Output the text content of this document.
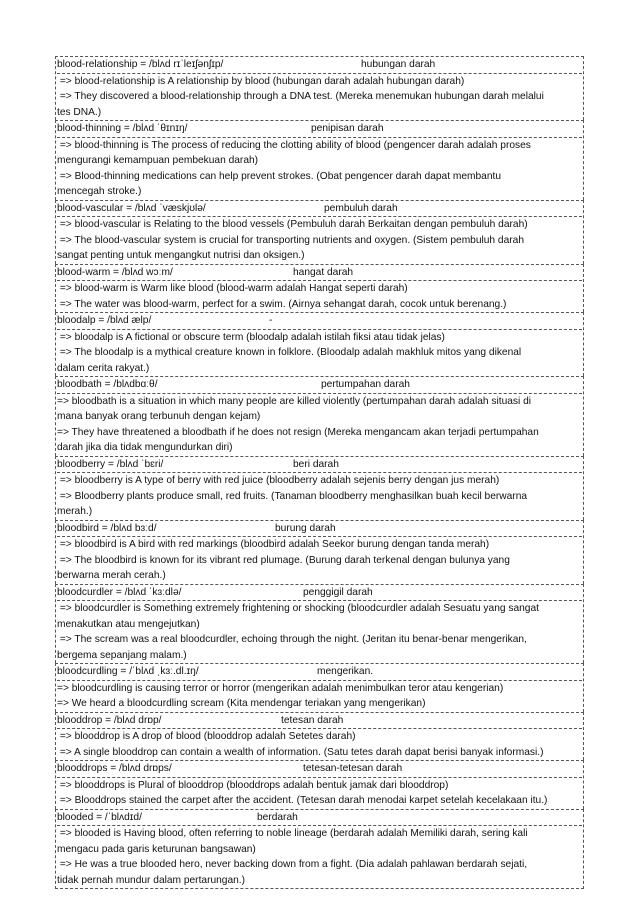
blood-relationship = /blʌd rɪˈleɪʃənʃɪp/	hubungan darah
=> blood-relationship is A relationship by blood (hubungan darah adalah hubungan darah)
=> They discovered a blood-relationship through a DNA test. (Mereka menemukan hubungan darah melalui
tes DNA.)
blood-thinning = /blʌd ˈθɪnɪŋ/	penipisan darah
=> blood-thinning is The process of reducing the clotting ability of blood (pengencer darah adalah proses
mengurangi kemampuan pembekuan darah)
=> Blood-thinning medications can help prevent strokes. (Obat pengencer darah dapat membantu
mencegah stroke.)
blood-vascular = /blʌd ˈvæskjʊlə/	pembuluh darah
=> blood-vascular is Relating to the blood vessels (Pembuluh darah Berkaitan dengan pembuluh darah)
=> The blood-vascular system is crucial for transporting nutrients and oxygen. (Sistem pembuluh darah
sangat penting untuk mengangkut nutrisi dan oksigen.)
blood-warm = /blʌd wɔːm/	hangat darah
=> blood-warm is Warm like blood (blood-warm adalah Hangat seperti darah)
=> The water was blood-warm, perfect for a swim. (Airnya sehangat darah, cocok untuk berenang.)
bloodalp = /blʌd ælp/	-
=> bloodalp is A fictional or obscure term (bloodalp adalah istilah fiksi atau tidak jelas)
=> The bloodalp is a mythical creature known in folklore. (Bloodalp adalah makhluk mitos yang dikenal
dalam cerita rakyat.)
bloodbath = /blʌdbɑːθ/	pertumpahan darah
=> bloodbath is a situation in which many people are killed violently (pertumpahan darah adalah situasi di
mana banyak orang terbunuh dengan kejam)
=> They have threatened a bloodbath if he does not resign (Mereka mengancam akan terjadi pertumpahan
darah jika dia tidak mengundurkan diri)
bloodberry = /blʌd ˈbɛri/	beri darah
=> bloodberry is A type of berry with red juice (bloodberry adalah sejenis berry dengan jus merah)
=> Bloodberry plants produce small, red fruits. (Tanaman bloodberry menghasilkan buah kecil berwarna
merah.)
bloodbird = /blʌd bɜːd/	burung darah
=> bloodbird is A bird with red markings (bloodbird adalah Seekor burung dengan tanda merah)
=> The bloodbird is known for its vibrant red plumage. (Burung darah terkenal dengan bulunya yang
berwarna merah cerah.)
bloodcurdler = /blʌd ˈkɜːdlə/	penggigil darah
=> bloodcurdler is Something extremely frightening or shocking (bloodcurdler adalah Sesuatu yang sangat
menakutkan atau mengejutkan)
=> The scream was a real bloodcurdler, echoing through the night. (Jeritan itu benar-benar mengerikan,
bergema sepanjang malam.)
bloodcurdling = /ˈblʌd ˌkɜː.dl.ɪŋ/	mengerikan.
=> bloodcurdling is causing terror or horror (mengerikan adalah menimbulkan teror atau kengerian)
=> We heard a bloodcurdling scream (Kita mendengar teriakan yang mengerikan)
blooddrop = /blʌd drɒp/	tetesan darah
=> blooddrop is A drop of blood (blooddrop adalah Setetes darah)
=> A single blooddrop can contain a wealth of information. (Satu tetes darah dapat berisi banyak informasi.)
blooddrops = /blʌd drɒps/	tetesan-tetesan darah
=> blooddrops is Plural of blooddrop (blooddrops adalah bentuk jamak dari blooddrop)
=> Blooddrops stained the carpet after the accident. (Tetesan darah menodai karpet setelah kecelakaan itu.)
blooded = /ˈblʌdɪd/	berdarah
=> blooded is Having blood, often referring to noble lineage (berdarah adalah Memiliki darah, sering kali
mengacu pada garis keturunan bangsawan)
=> He was a true blooded hero, never backing down from a fight. (Dia adalah pahlawan berdarah sejati,
tidak pernah mundur dalam pertarungan.)
